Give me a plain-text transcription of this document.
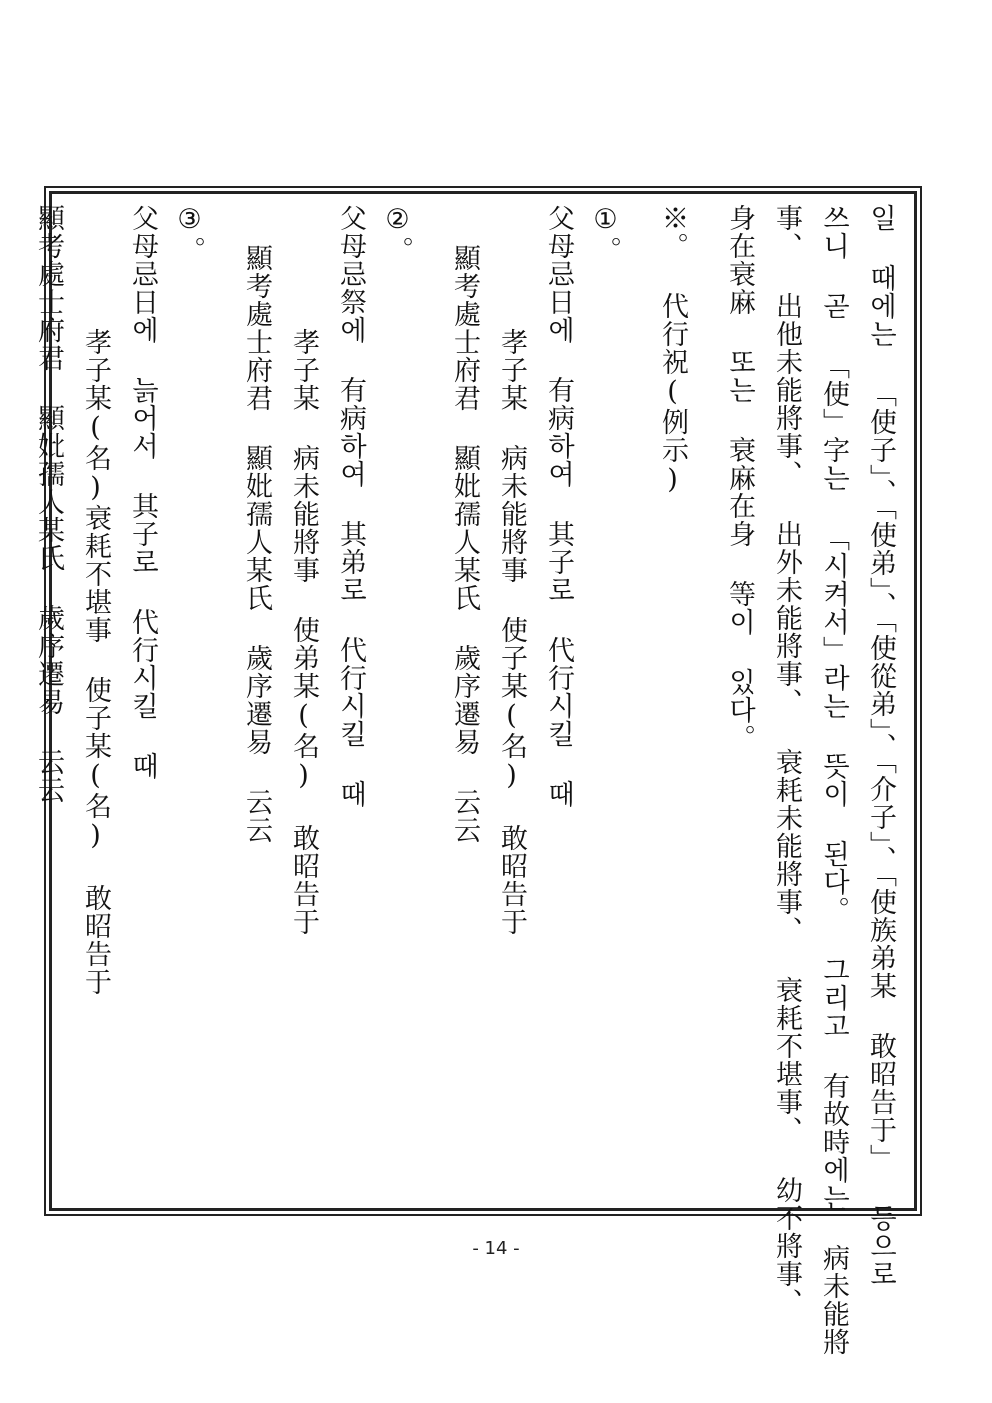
일 때에는 「使子」、「使弟」、「使從弟」、「介子」、「使族弟某 敢昭告于」 등으로
쓰니 곧 「使」字는 「시켜서」라는 뜻이 된다。 그리고 有故時에는 病未能將
事、 出他未能將事、 出外未能將事、 衰耗未能將事、 衰耗不堪事、 幼不將事、
身在衰麻 또는 衰麻在身 等이 있다。
※。 代行祝(例示)
①。
父母忌日에 有病하여 其子로 代行시킬 때
孝子某 病未能將事 使子某(名) 敢昭告于
顯考處士府君 顯妣孺人某氏 歲序遷易 云云
②。
父母忌祭에 有病하여 其弟로 代行시킬 때
孝子某 病未能將事 使弟某(名) 敢昭告于
顯考處士府君 顯妣孺人某氏 歲序遷易 云云
③。
父母忌日에 늙어서 其子로 代行시킬 때
孝子某(名)衰耗不堪事 使子某(名) 敢昭告于
顯考處士府君 顯妣孺人某氏 歲序遷易 云云
- 14 -
